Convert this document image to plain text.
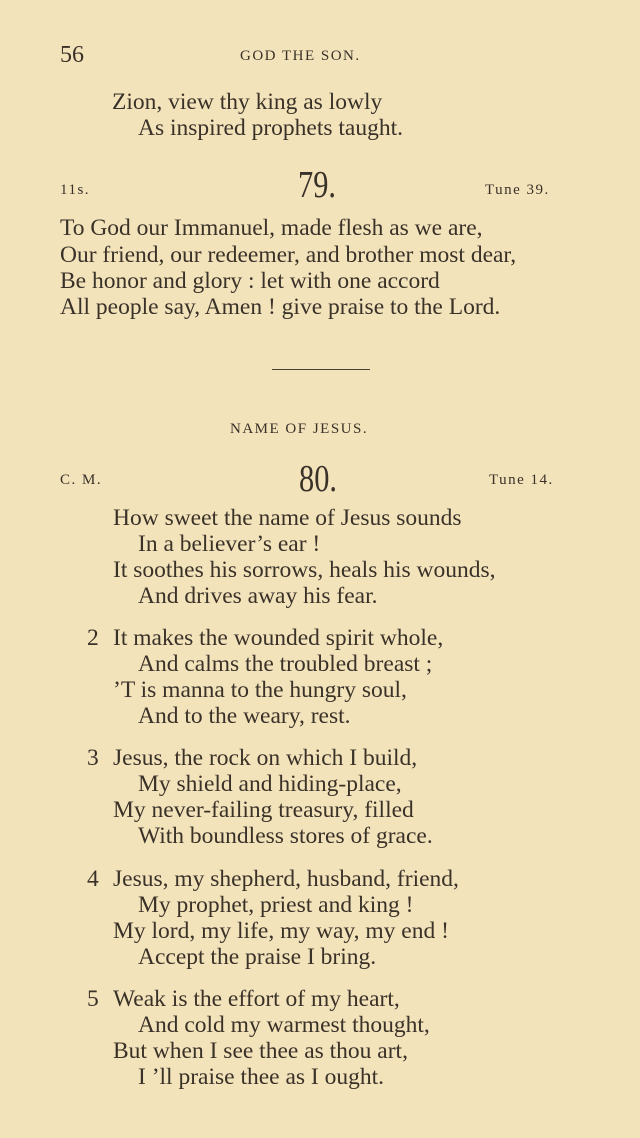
56	GOD THE SON.
Zion, view thy king as lowly
As inspired prophets taught.
11s.	79.	Tune 39.
To God our Immanuel, made flesh as we are,
Our friend, our redeemer, and brother most dear,
Be honor and glory : let with one accord
All people say, Amen ! give praise to the Lord.
NAME OF JESUS.
C. M.	80.	Tune 14.
How sweet the name of Jesus sounds
In a believer’s ear !
It soothes his sorrows, heals his wounds,
And drives away his fear.
2 It makes the wounded spirit whole,
And calms the troubled breast ;
’T is manna to the hungry soul,
And to the weary, rest.
3 Jesus, the rock on which I build,
My shield and hiding-place,
My never-failing treasury, filled
With boundless stores of grace.
4 Jesus, my shepherd, husband, friend,
My prophet, priest and king !
My lord, my life, my way, my end !
Accept the praise I bring.
5 Weak is the effort of my heart,
And cold my warmest thought,
But when I see thee as thou art,
I ’ll praise thee as I ought.
